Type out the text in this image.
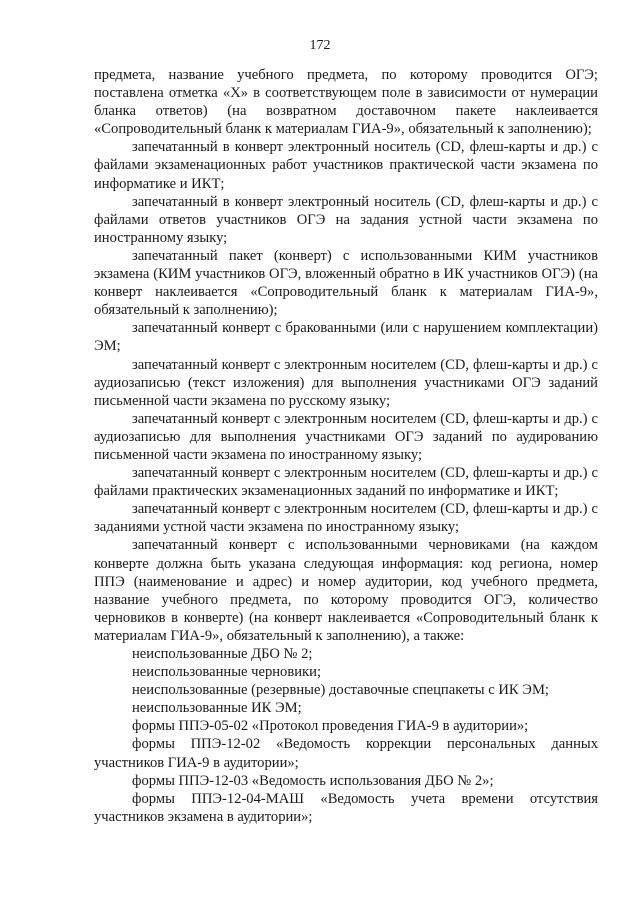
172

предмета, название учебного предмета, по которому проводится ОГЭ; поставлена отметка «Х» в соответствующем поле в зависимости от нумерации бланка ответов) (на возвратном доставочном пакете наклеивается «Сопроводительный бланк к материалам ГИА-9», обязательный к заполнению);

запечатанный в конверт электронный носитель (CD, флеш-карты и др.) с файлами экзаменационных работ участников практической части экзамена по информатике и ИКТ;

запечатанный в конверт электронный носитель (CD, флеш-карты и др.) с файлами ответов участников ОГЭ на задания устной части экзамена по иностранному языку;

запечатанный пакет (конверт) с использованными КИМ участников экзамена (КИМ участников ОГЭ, вложенный обратно в ИК участников ОГЭ) (на конверт наклеивается «Сопроводительный бланк к материалам ГИА-9», обязательный к заполнению);

запечатанный конверт с бракованными (или с нарушением комплектации) ЭМ;

запечатанный конверт с электронным носителем (CD, флеш-карты и др.) с аудиозаписью (текст изложения) для выполнения участниками ОГЭ заданий письменной части экзамена по русскому языку;

запечатанный конверт с электронным носителем (CD, флеш-карты и др.) с аудиозаписью для выполнения участниками ОГЭ заданий по аудированию письменной части экзамена по иностранному языку;

запечатанный конверт с электронным носителем (CD, флеш-карты и др.) с файлами практических экзаменационных заданий по информатике и ИКТ;

запечатанный конверт с электронным носителем (CD, флеш-карты и др.) с заданиями устной части экзамена по иностранному языку;

запечатанный конверт с использованными черновиками (на каждом конверте должна быть указана следующая информация: код региона, номер ППЭ (наименование и адрес) и номер аудитории, код учебного предмета, название учебного предмета, по которому проводится ОГЭ, количество черновиков в конверте) (на конверт наклеивается «Сопроводительный бланк к материалам ГИА-9», обязательный к заполнению), а также:

неиспользованные ДБО № 2;

неиспользованные черновики;

неиспользованные (резервные) доставочные спецпакеты с ИК ЭМ;

неиспользованные ИК ЭМ;

формы ППЭ-05-02 «Протокол проведения ГИА-9 в аудитории»;

формы ППЭ-12-02 «Ведомость коррекции персональных данных участников ГИА-9 в аудитории»;

формы ППЭ-12-03 «Ведомость использования ДБО № 2»;

формы ППЭ-12-04-МАШ «Ведомость учета времени отсутствия участников экзамена в аудитории»;
